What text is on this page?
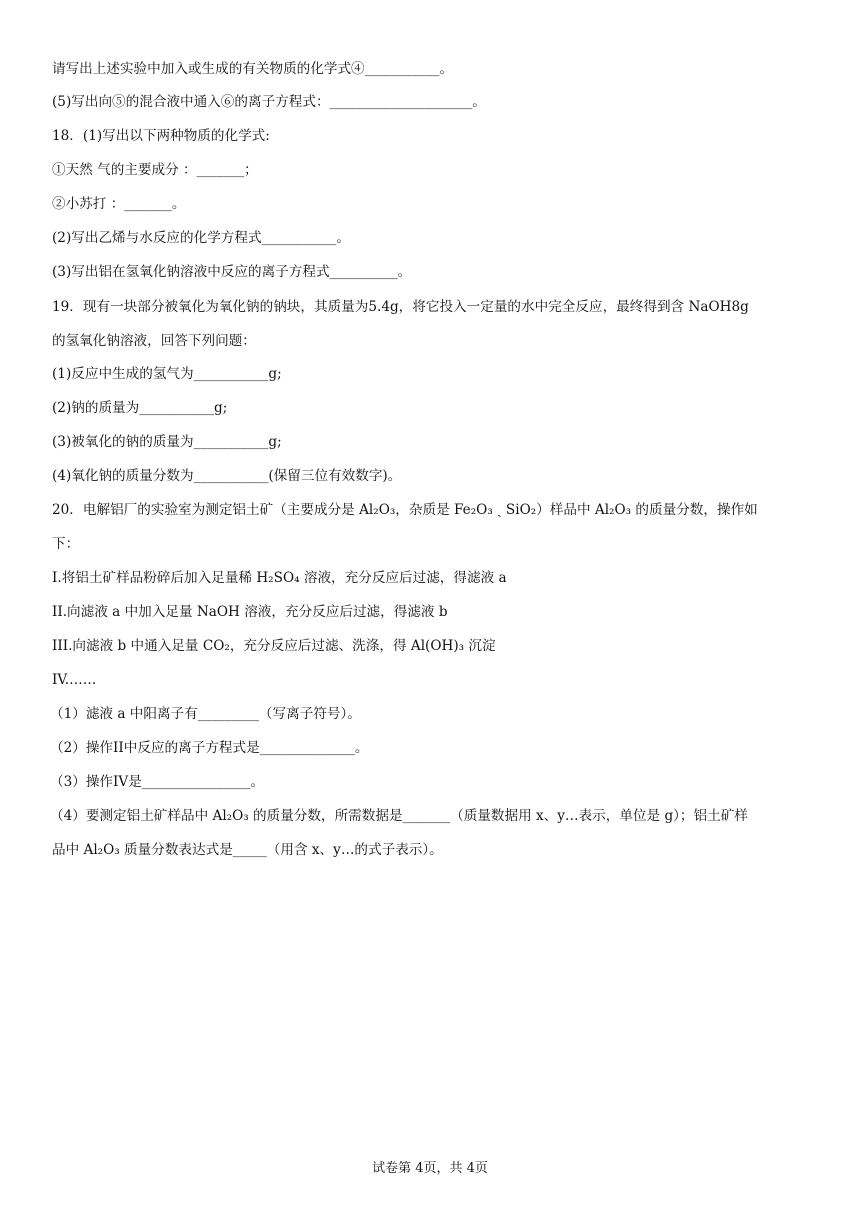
请写出上述实验中加入或生成的有关物质的化学式④___________。
(5)写出向⑤的混合液中通入⑥的离子方程式：_____________________。
18．(1)写出以下两种物质的化学式:
①天然 气的主要成分 ：_______；
②小苏打 ：_______。
(2)写出乙烯与水反应的化学方程式___________。
(3)写出铝在氢氧化钠溶液中反应的离子方程式__________。
19．现有一块部分被氧化为氧化钠的钠块，其质量为5.4g，将它投入一定量的水中完全反应，最终得到含 NaOH8g
的氢氧化钠溶液，回答下列问题：
(1)反应中生成的氢气为___________g;
(2)钠的质量为___________g;
(3)被氧化的钠的质量为___________g;
(4)氧化钠的质量分数为___________(保留三位有效数字)。
20．电解铝厂的实验室为测定铝土矿（主要成分是 Al₂O₃，杂质是 Fe₂O₃ ˏ SiO₂）样品中 Al₂O₃ 的质量分数，操作如
下：
I.将铝土矿样品粉碎后加入足量稀 H₂SO₄ 溶液，充分反应后过滤，得滤液 a
II.向滤液 a 中加入足量 NaOH 溶液，充分反应后过滤，得滤液 b
III.向滤液 b 中通入足量 CO₂，充分反应后过滤、洗涤，得 Al(OH)₃ 沉淀
IV.……
（1）滤液 a 中阳离子有_________（写离子符号）。
（2）操作II中反应的离子方程式是______________。
（3）操作IV是________________。
（4）要测定铝土矿样品中 Al₂O₃ 的质量分数，所需数据是_______（质量数据用 x、y…表示，单位是 g）；铝土矿样
品中 Al₂O₃ 质量分数表达式是_____（用含 x、y…的式子表示）。
试卷第 4页，共 4页
